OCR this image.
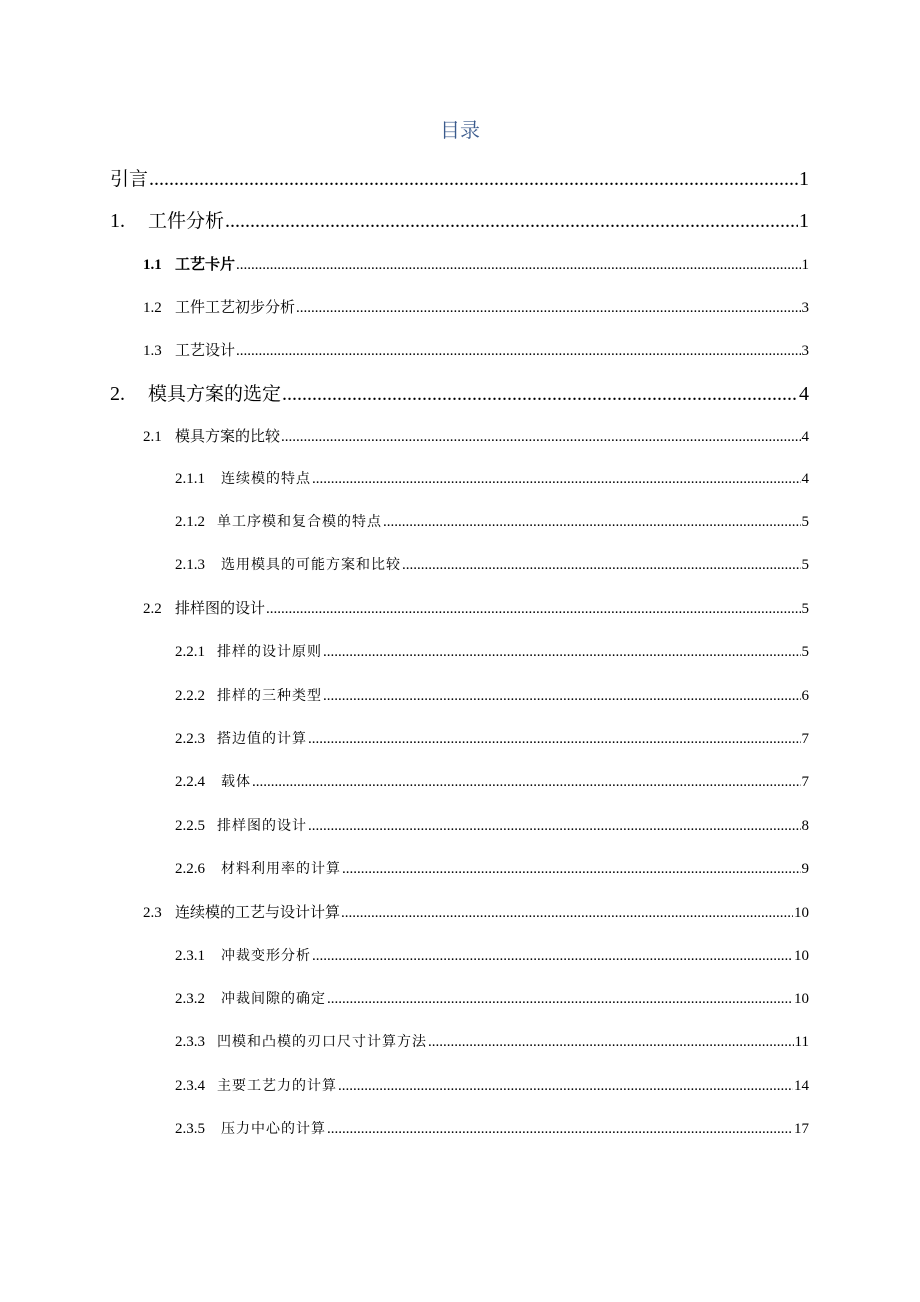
目录
引言 .....	1
1.	工件分析 .....	1
1.1 工艺卡片 .....	1
1.2 工件工艺初步分析 .....	3
1.3 工艺设计 .....	3
2.	模具方案的选定 .....	4
2.1 模具方案的比较 .....	4
2.1.1	连续模的特点 .....	4
2.1.2 单工序模和复合模的特点 .....	5
2.1.3	选用模具的可能方案和比较 .....	5
2.2 排样图的设计 .....	5
2.2.1 排样的设计原则 .....	5
2.2.2 排样的三种类型 .....	6
2.2.3 搭边值的计算 .....	7
2.2.4	载体 .....	7
2.2.5 排样图的设计 .....	8
2.2.6	材料利用率的计算 .....	9
2.3 连续模的工艺与设计计算 .....	10
2.3.1	冲裁变形分析 .....	10
2.3.2	冲裁间隙的确定 .....	10
2.3.3 凹模和凸模的刃口尺寸计算方法 .....	11
2.3.4 主要工艺力的计算 .....	14
2.3.5	压力中心的计算 .....	17
